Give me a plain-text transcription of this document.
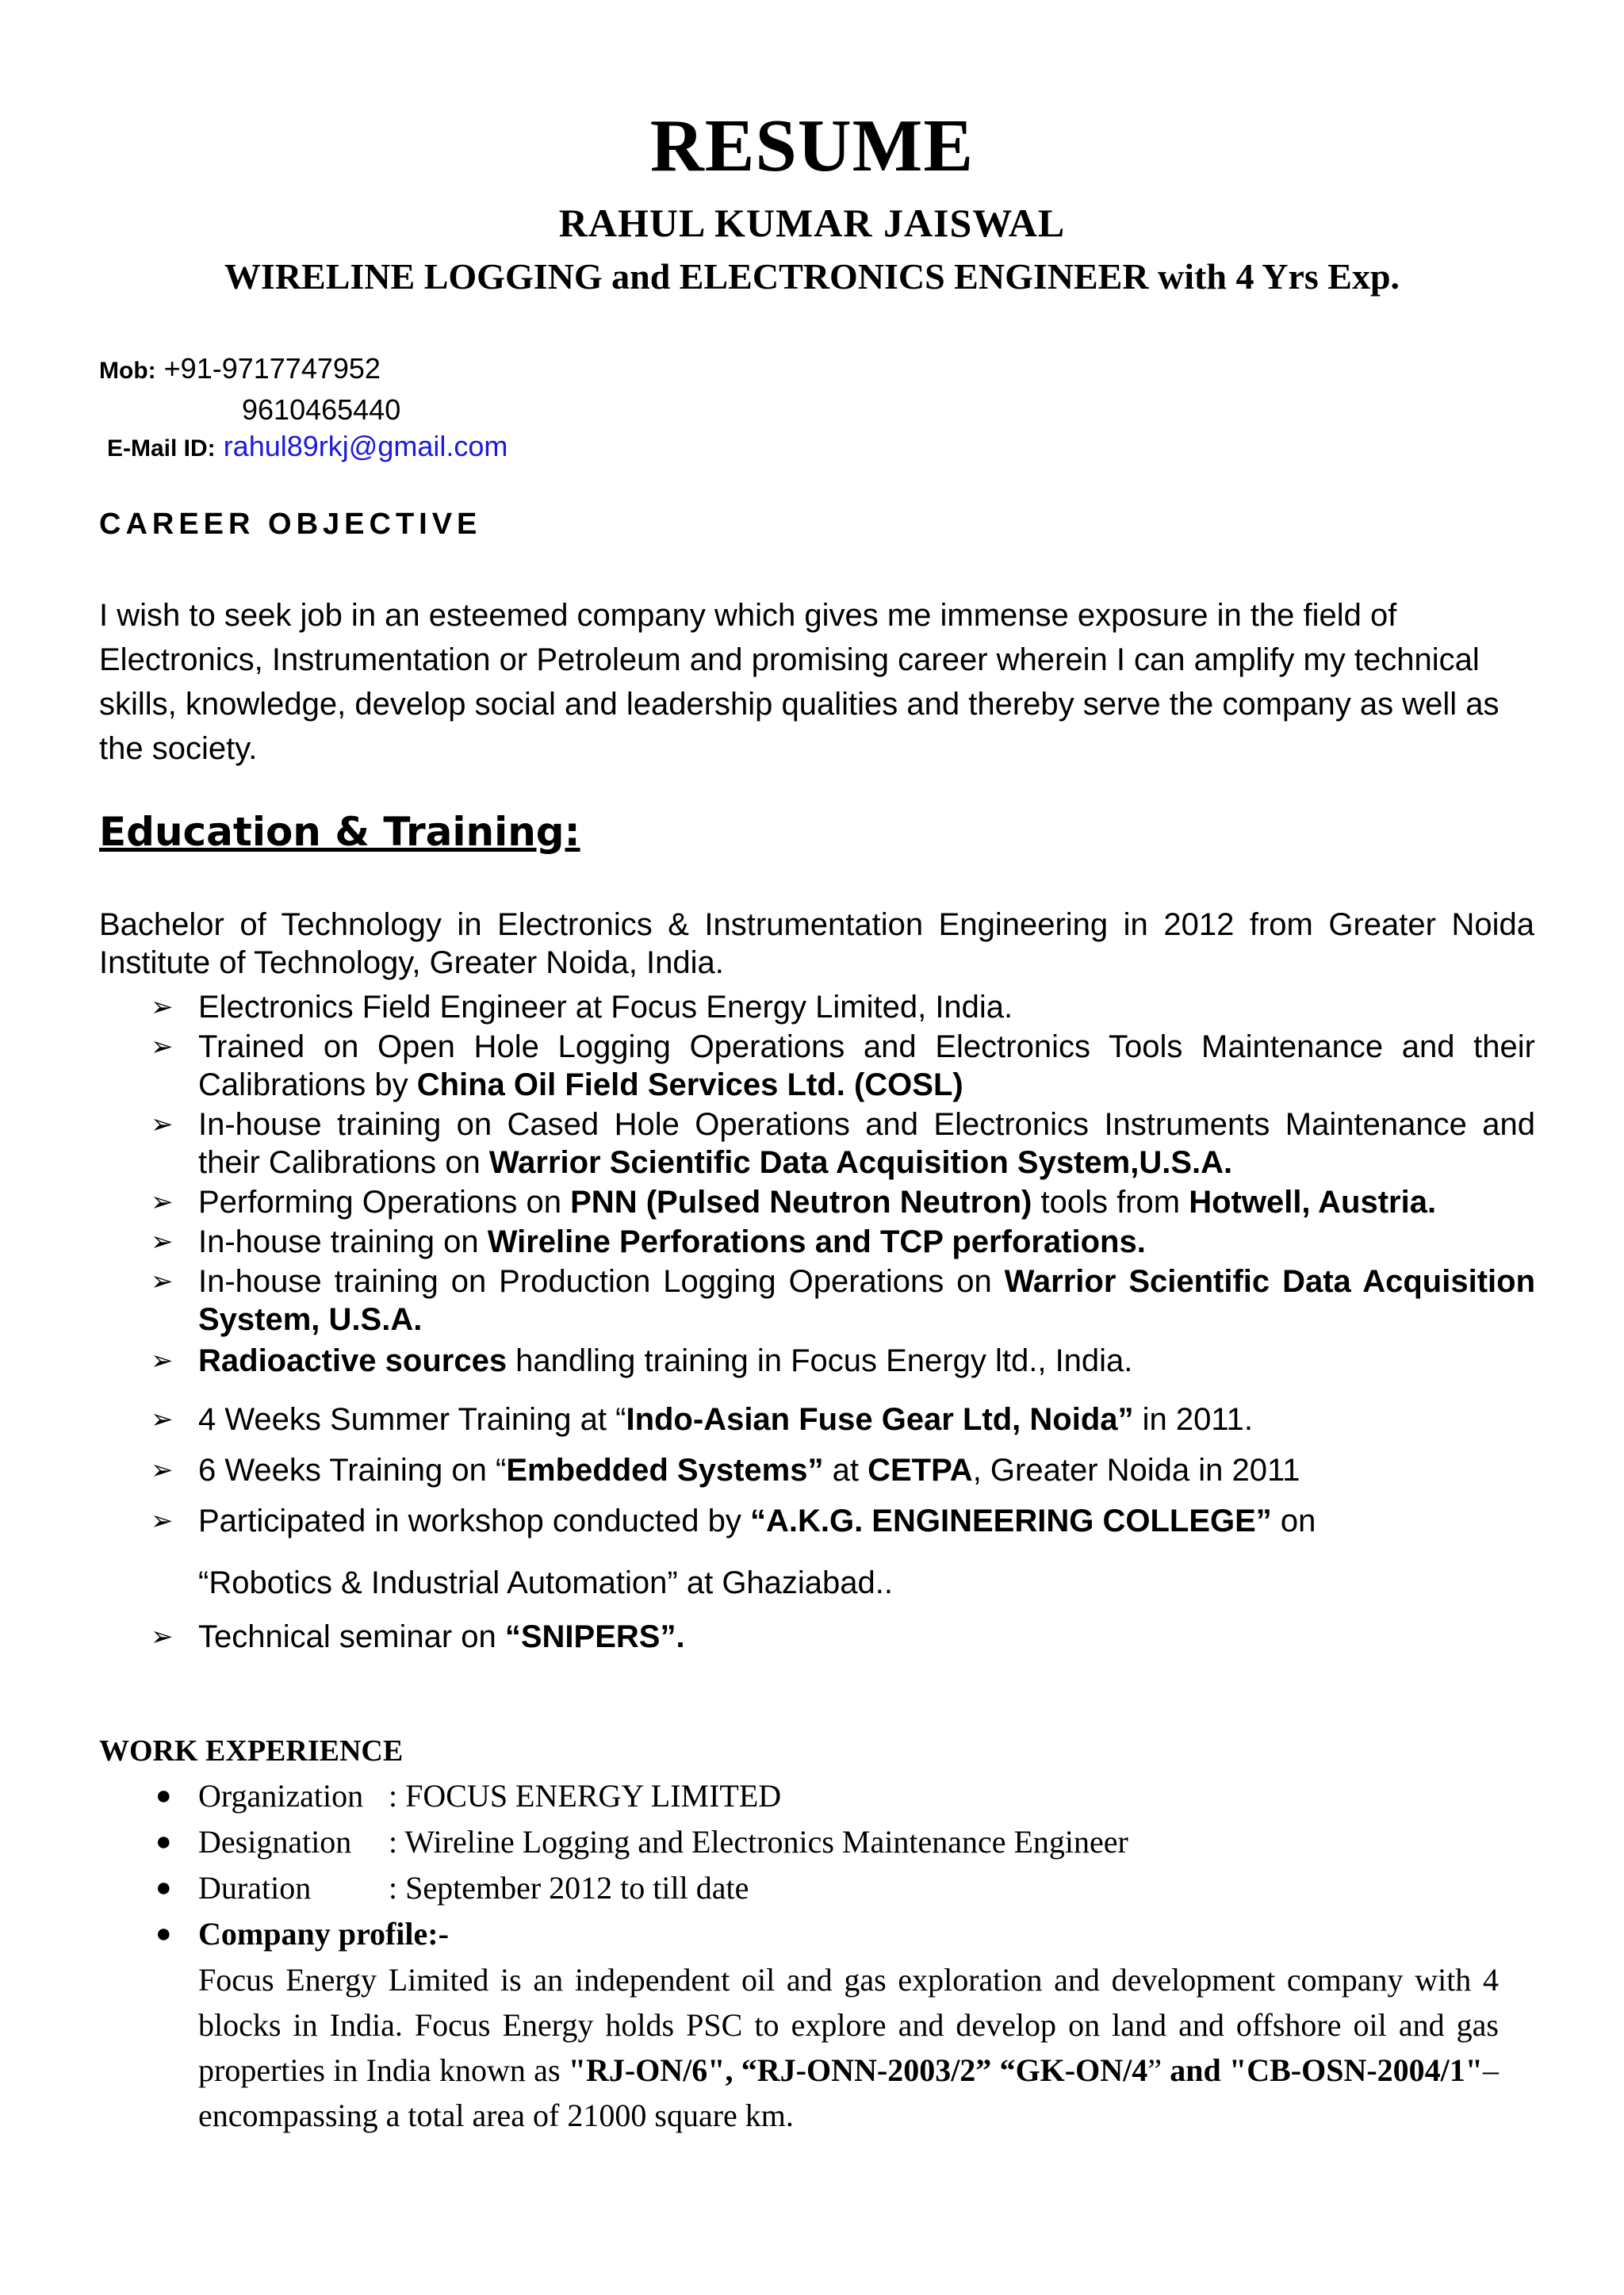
RESUME
RAHUL KUMAR JAISWAL
WIRELINE LOGGING and ELECTRONICS ENGINEER with 4 Yrs Exp.
Mob: +91-9717747952
9610465440
E-Mail ID: rahul89rkj@gmail.com
CAREER OBJECTIVE
I wish to seek job in an esteemed company which gives me immense exposure in the field of Electronics, Instrumentation or Petroleum and promising career wherein I can amplify my technical skills, knowledge, develop social and leadership qualities and thereby serve the company as well as the society.
Education & Training:
Bachelor of Technology in Electronics & Instrumentation Engineering in 2012 from Greater Noida Institute of Technology, Greater Noida, India.
➢ Electronics Field Engineer at Focus Energy Limited, India.
➢ Trained on Open Hole Logging Operations and Electronics Tools Maintenance and their Calibrations by China Oil Field Services Ltd. (COSL)
➢ In-house training on Cased Hole Operations and Electronics Instruments Maintenance and their Calibrations on Warrior Scientific Data Acquisition System,U.S.A.
➢ Performing Operations on PNN (Pulsed Neutron Neutron) tools from Hotwell, Austria.
➢ In-house training on Wireline Perforations and TCP perforations.
➢ In-house training on Production Logging Operations on Warrior Scientific Data Acquisition System, U.S.A.
➢ Radioactive sources handling training in Focus Energy ltd., India.
➢ 4 Weeks Summer Training at “Indo-Asian Fuse Gear Ltd, Noida” in 2011.
➢ 6 Weeks Training on “Embedded Systems” at CETPA, Greater Noida in 2011
➢ Participated in workshop conducted by “A.K.G. ENGINEERING COLLEGE” on
“Robotics & Industrial Automation” at Ghaziabad..
➢ Technical seminar on “SNIPERS”.
WORK EXPERIENCE
● Organization : FOCUS ENERGY LIMITED
● Designation : Wireline Logging and Electronics Maintenance Engineer
● Duration : September 2012 to till date
● Company profile:-
Focus Energy Limited is an independent oil and gas exploration and development company with 4 blocks in India. Focus Energy holds PSC to explore and develop on land and offshore oil and gas properties in India known as "RJ-ON/6", “RJ-ONN-2003/2” “GK-ON/4” and "CB-OSN-2004/1"– encompassing a total area of 21000 square km.
